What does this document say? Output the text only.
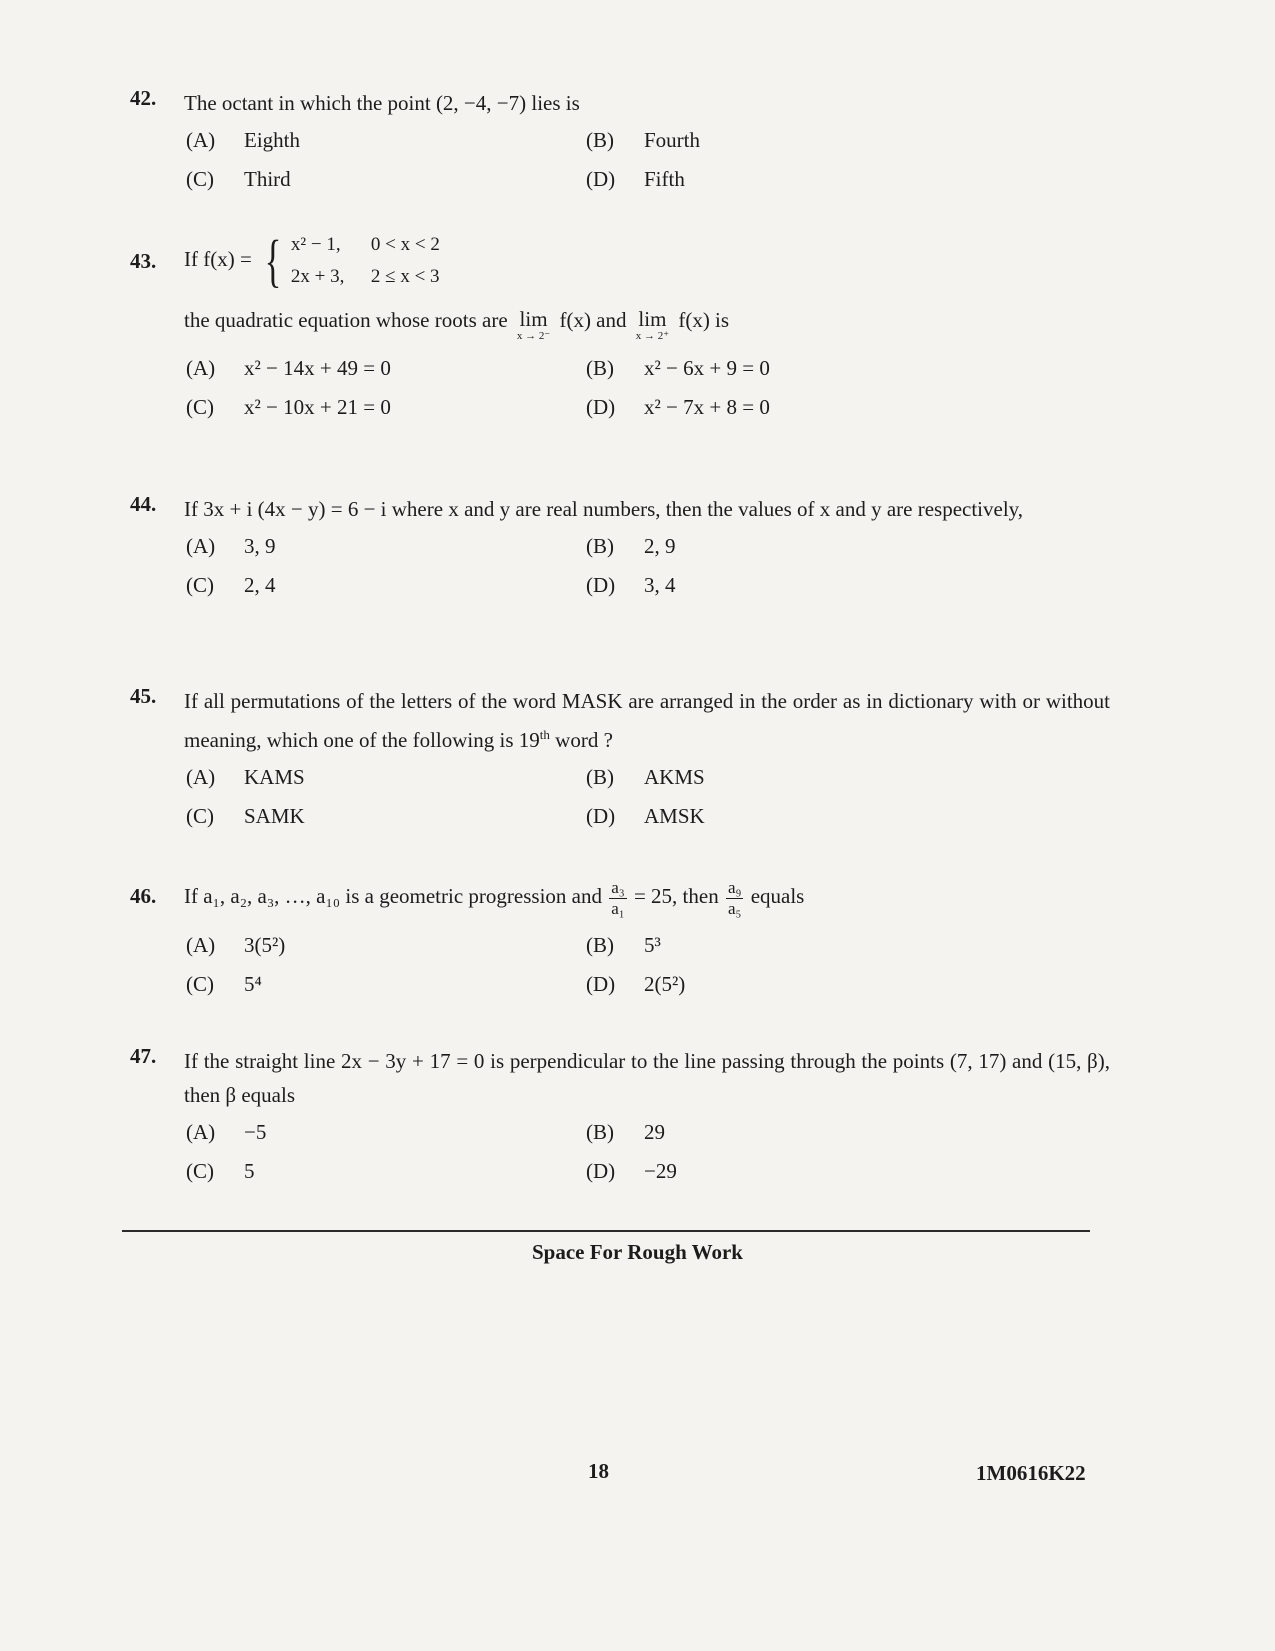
42.	The octant in which the point (2, −4, −7) lies is
(A)	Eighth	(B)	Fourth
(C)	Third	(D)	Fifth
43.	If f(x) = { x² − 1,	0 < x < 2
2x + 3,	2 ≤ x < 3
the quadratic equation whose roots are lim
x → 2⁻
f(x) and lim
x → 2⁺
f(x) is
(A)	x² − 14x + 49 = 0	(B)	x² − 6x + 9 = 0
(C)	x² − 10x + 21 = 0	(D)	x² − 7x + 8 = 0
44.	If 3x + i (4x − y) = 6 − i where x and y are real numbers, then the values of x and y are respectively,
(A)	3, 9	(B)	2, 9
(C)	2, 4	(D)	3, 4
45.	If all permutations of the letters of the word MASK are arranged in the order as in dictionary with or without meaning, which one of the following is 19th word ?
(A)	KAMS	(B)	AKMS
(C)	SAMK	(D)	AMSK
46.	If a₁, a₂, a₃, …, a₁₀ is a geometric progression and $\frac{\text{a₃}}{\text{a₁}} = 25$, then $\frac{\text{a₉}}{\text{a₅}}$ equals
(A)	3(5²)	(B)	5³
(C)	5⁴	(D)	2(5²)
47.	If the straight line 2x − 3y + 17 = 0 is perpendicular to the line passing through the points (7, 17) and (15, β), then β equals
(A)	−5	(B)	29
(C)	5	(D)	−29
Space For Rough Work
18	1M0616K22
